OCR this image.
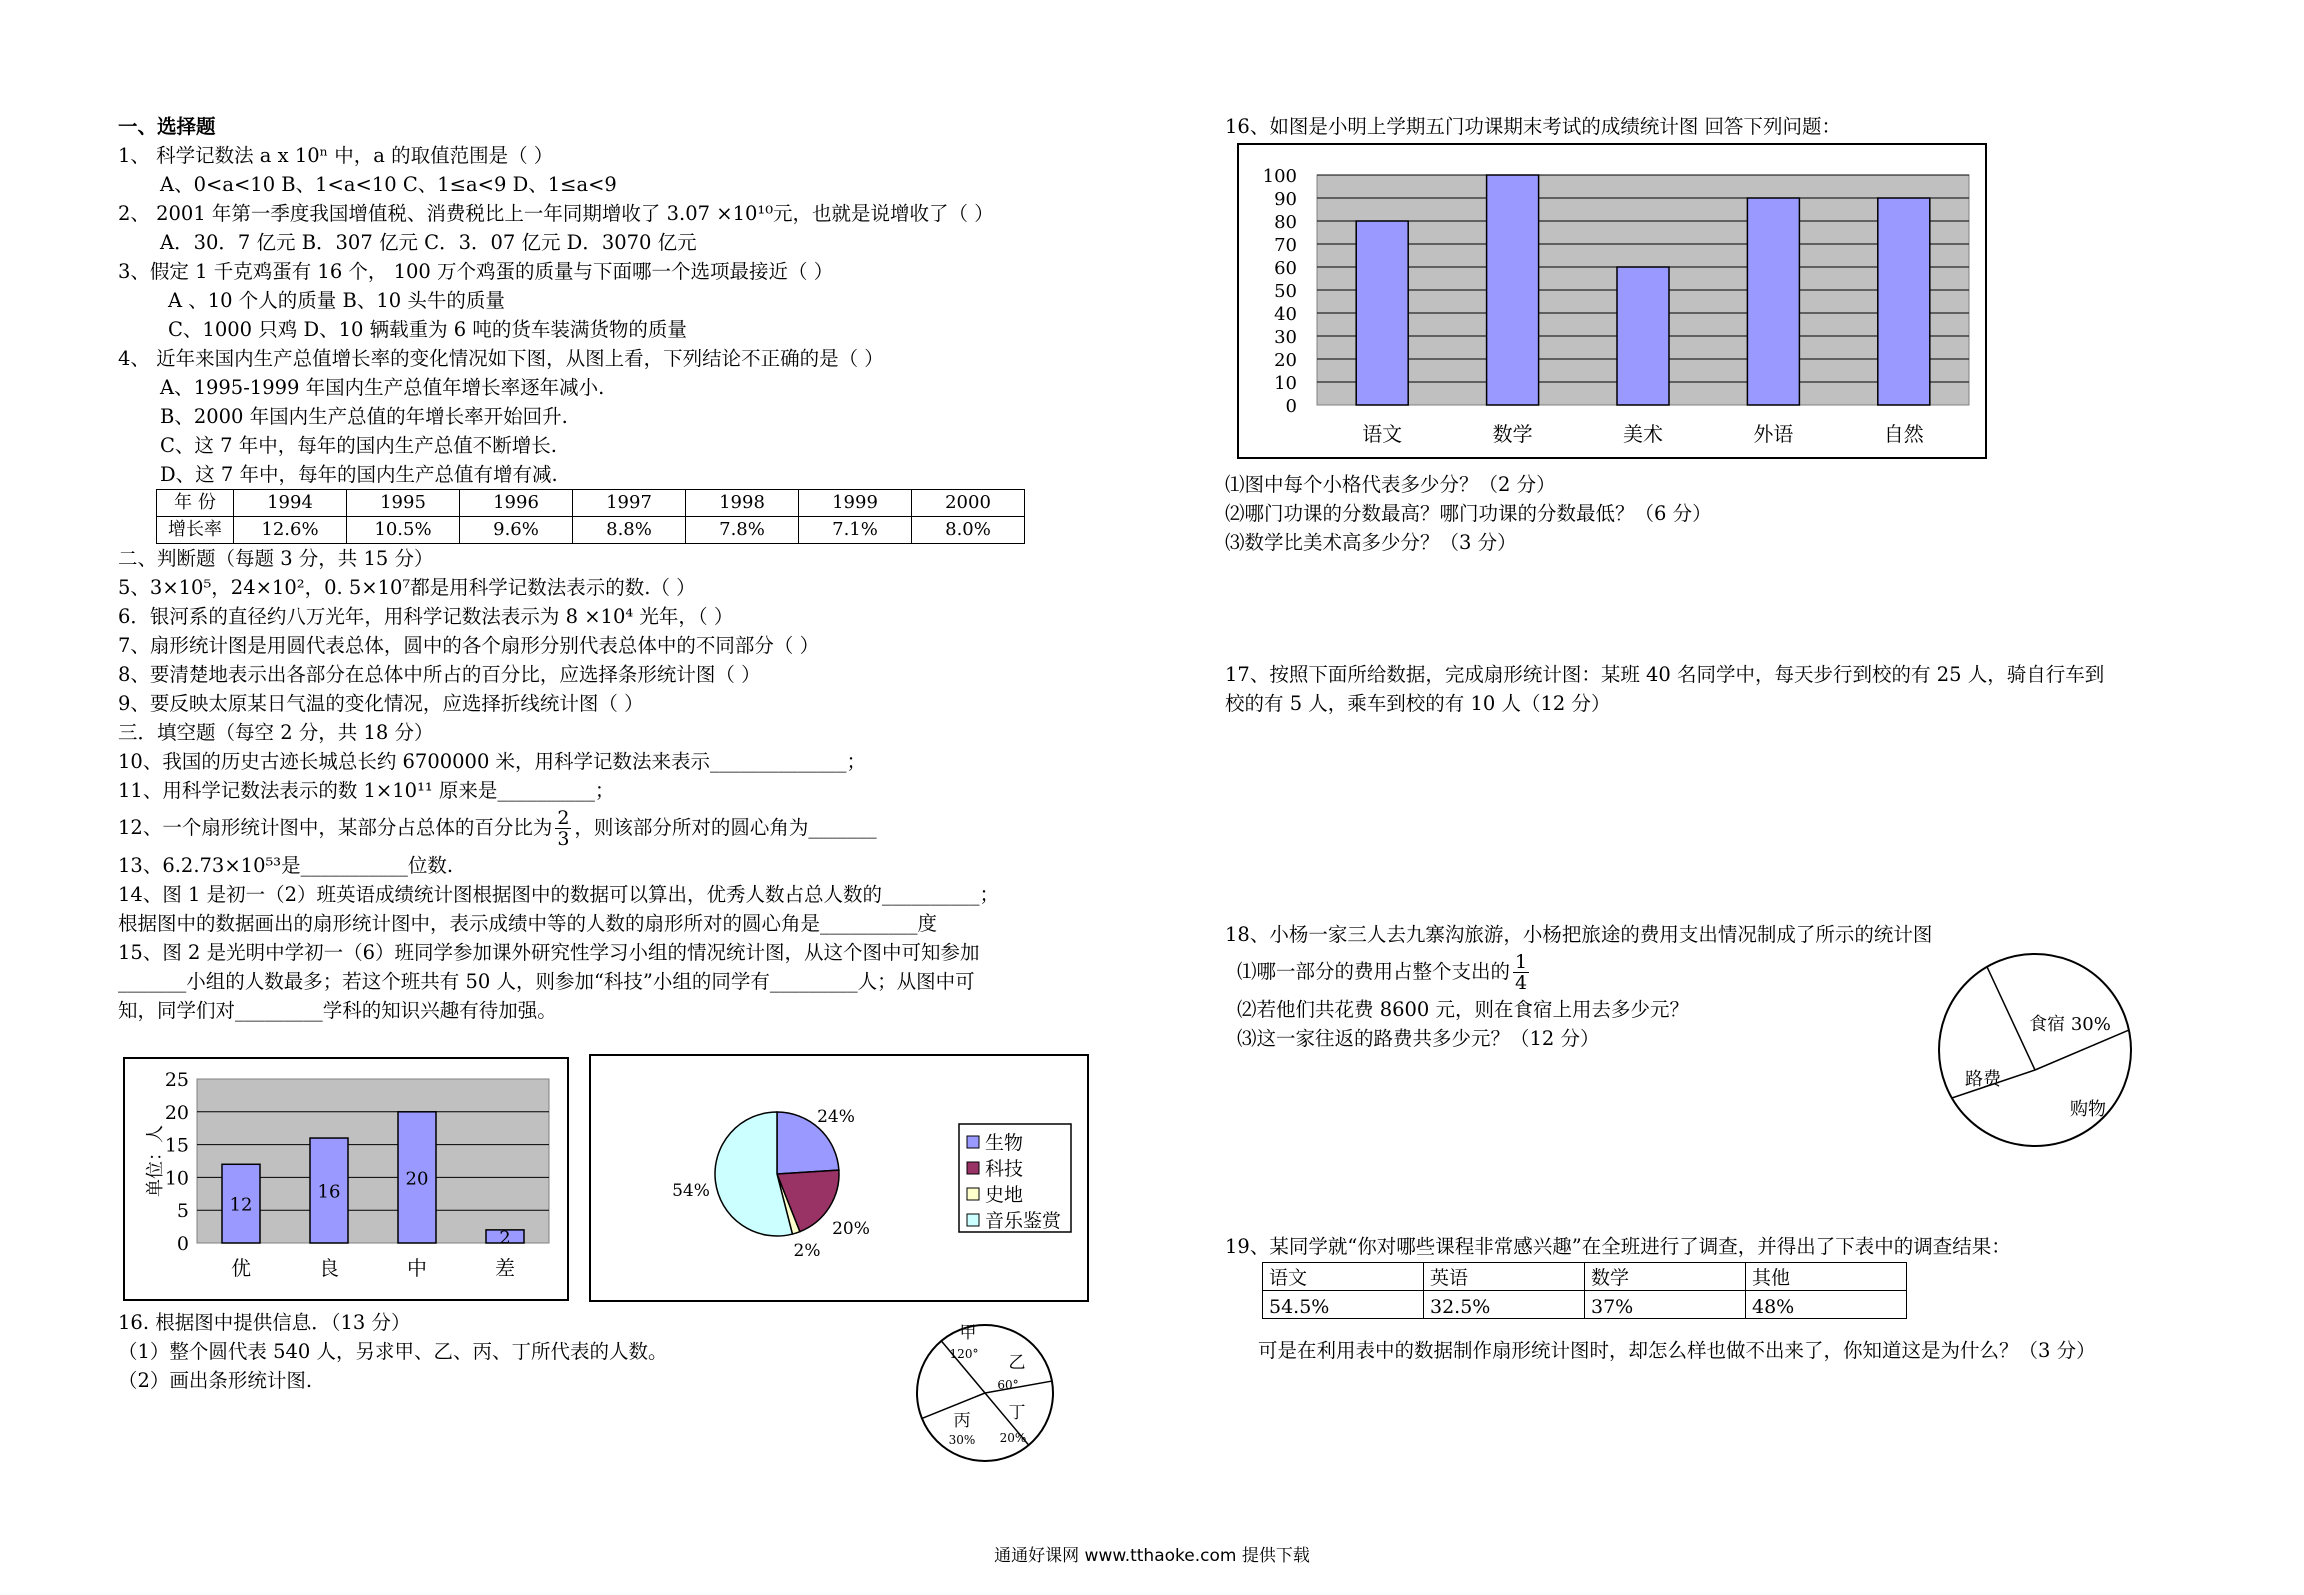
一、选择题
1、 科学记数法 a x 10ⁿ 中，a 的取值范围是（ ）
A、0<a<10 B、1<a<10 C、1≤a<9 D、1≤a<9
2、 2001 年第一季度我国增值税、消费税比上一年同期增收了 3.07 ×10¹⁰元，也就是说增收了（ ）
A．30．7 亿元 B．307 亿元 C．3．07 亿元 D．3070 亿元
3、假定 1 千克鸡蛋有 16 个， 100 万个鸡蛋的质量与下面哪一个选项最接近（ ）
A 、10 个人的质量 B、10 头牛的质量
C、1000 只鸡 D、10 辆载重为 6 吨的货车装满货物的质量
4、 近年来国内生产总值增长率的变化情况如下图，从图上看，下列结论不正确的是（ ）
A、1995-1999 年国内生产总值年增长率逐年减小.
B、2000 年国内生产总值的年增长率开始回升.
C、这 7 年中，每年的国内生产总值不断增长.
D、这 7 年中，每年的国内生产总值有增有减.
年 份	1994	1995	1996	1997	1998	1999	2000
增长率	12.6%	10.5%	9.6%	8.8%	7.8%	7.1%	8.0%
二、判断题（每题 3 分，共 15 分）
5、3×10⁵，24×10²，0. 5×10⁷都是用科学记数法表示的数.（ ）
6．银河系的直径约八万光年，用科学记数法表示为 8 ×10⁴ 光年，（ ）
7、扇形统计图是用圆代表总体，圆中的各个扇形分别代表总体中的不同部分（ ）
8、要清楚地表示出各部分在总体中所占的百分比，应选择条形统计图（ ）
9、要反映太原某日气温的变化情况，应选择折线统计图（ ）
三．填空题（每空 2 分，共 18 分）
10、我国的历史古迹长城总长约 6700000 米，用科学记数法来表示______________；
11、用科学记数法表示的数 1×10¹¹ 原来是__________；
12、一个扇形统计图中，某部分占总体的百分比为 $\frac{2}{3}$ ，则该部分所对的圆心角为_______
13、6.2.73×10⁵³是___________位数.
14、图 1 是初一（2）班英语成绩统计图根据图中的数据可以算出，优秀人数占总人数的__________；
根据图中的数据画出的扇形统计图中，表示成绩中等的人数的扇形所对的圆心角是__________度
15、图 2 是光明中学初一（6）班同学参加课外研究性学习小组的情况统计图，从这个图中可知参加
_______小组的人数最多；若这个班共有 50 人，则参加“科技”小组的同学有_________人；从图中可
知，同学们对_________学科的知识兴趣有待加强。
0
5
10
15
20
25
12
优
16
良
20
中
2
差
单位：人
24%
20%
2%
54%
生物
科技
史地
音乐鉴赏
16. 根据图中提供信息．（13 分）
（1）整个圆代表 540 人，另求甲、乙、丙、丁所代表的人数。
（2）画出条形统计图.
甲
120° 乙
60°
丙
30%
丁
20%
16、如图是小明上学期五门功课期末考试的成绩统计图 回答下列问题：
0
10
20
30
40
50
60
70
80
90
100
语文	数学	美术	外语	自然
⑴图中每个小格代表多少分？（2 分）
⑵哪门功课的分数最高？哪门功课的分数最低？（6 分）
⑶数学比美术高多少分？（3 分）
17、按照下面所给数据，完成扇形统计图：某班 40 名同学中，每天步行到校的有 25 人，骑自行车到
校的有 5 人，乘车到校的有 10 人（12 分）
18、小杨一家三人去九寨沟旅游，小杨把旅途的费用支出情况制成了所示的统计图
⑴哪一部分的费用占整个支出的 $\frac{1}{4}$
⑵若他们共花费 8600 元，则在食宿上用去多少元？
⑶这一家往返的路费共多少元？（12 分）
食宿 30%
路费
购物
19、某同学就“你对哪些课程非常感兴趣”在全班进行了调查，并得出了下表中的调查结果：
语文	英语	数学	其他
54.5%	32.5%	37%	48%
可是在利用表中的数据制作扇形统计图时，却怎么样也做不出来了，你知道这是为什么？（3 分）
通通好课网 www.tthaoke.com 提供下载
